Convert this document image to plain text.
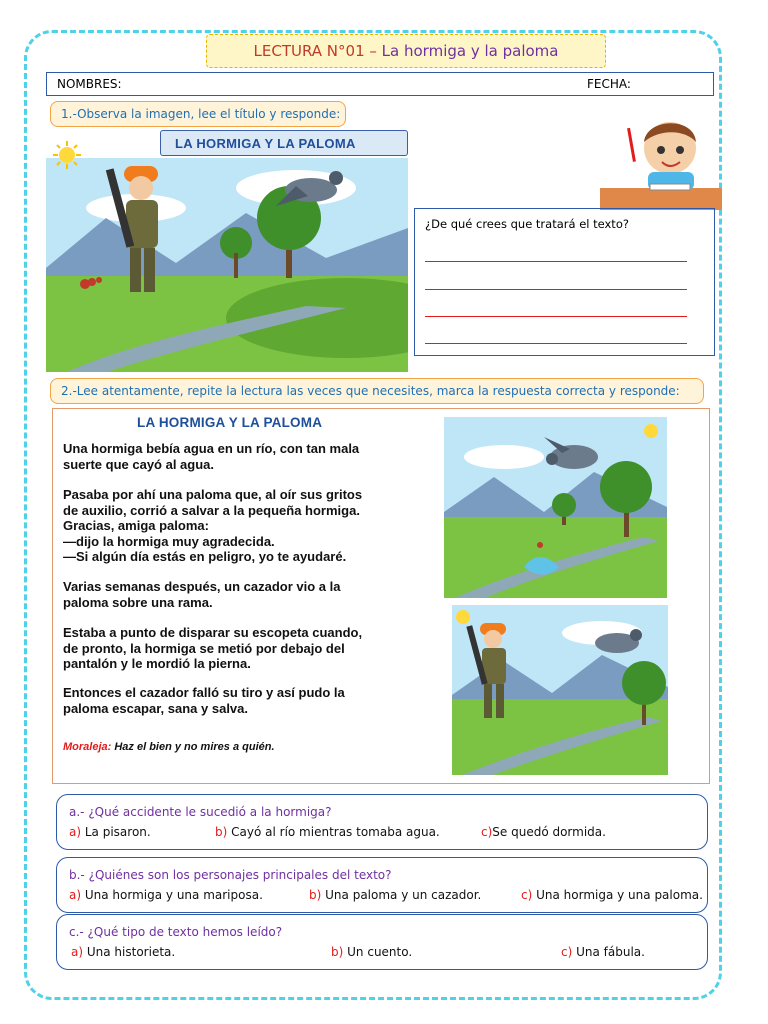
LECTURA N°01 –
La hormiga y la paloma
NOMBRES:	FECHA:
1.-Observa la imagen, lee el título y responde:
LA HORMIGA Y LA PALOMA
¿De qué crees que tratará el texto?
2.-Lee atentamente, repite la lectura las veces que necesites, marca la respuesta correcta y responde:
LA HORMIGA Y LA PALOMA
Una hormiga bebía agua en un río, con tan mala
suerte que cayó al agua.
Pasaba por ahí una paloma que, al oír sus gritos
de auxilio, corrió a salvar a la pequeña hormiga.
Gracias, amiga paloma:
—dijo la hormiga muy agradecida.
—Si algún día estás en peligro, yo te ayudaré.
Varias semanas después, un cazador vio a la
paloma sobre una rama.
Estaba a punto de disparar su escopeta cuando,
de pronto, la hormiga se metió por debajo del
pantalón y le mordió la pierna.
Entonces el cazador falló su tiro y así pudo la
paloma escapar, sana y salva.
Moraleja: Haz el bien y no mires a quién.
a.- ¿Qué accidente le sucedió a la hormiga?
a) La pisaron.	b) Cayó al río mientras tomaba agua.	c)Se quedó dormida.
b.- ¿Quiénes son los personajes principales del texto?
a) Una hormiga y una mariposa.	b) Una paloma y un cazador.	c) Una hormiga y una paloma.
c.- ¿Qué tipo de texto hemos leído?
a) Una historieta.	b) Un cuento.	c) Una fábula.
